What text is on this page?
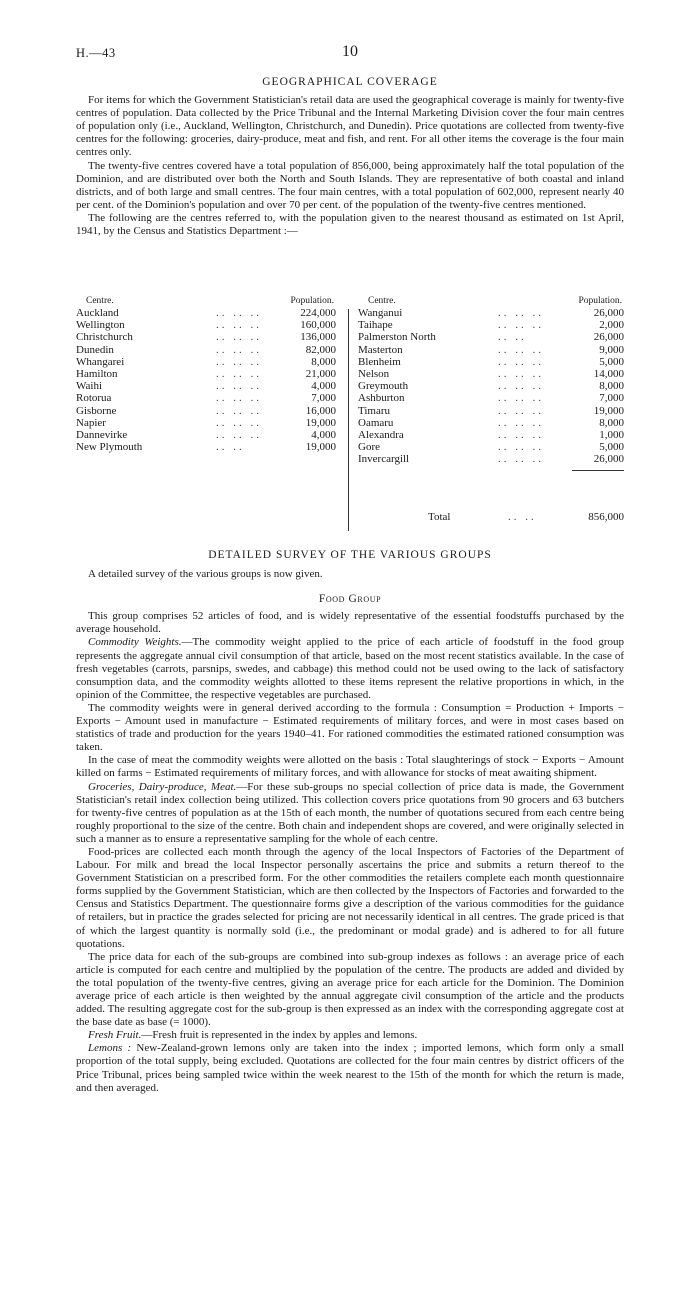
H.—43	10
GEOGRAPHICAL COVERAGE

For items for which the Government Statistician's retail data are used the geographical coverage is mainly for twenty-five centres of population. Data collected by the Price Tribunal and the Internal Marketing Division cover the four main centres of population only (i.e., Auckland, Wellington, Christchurch, and Dunedin). Price quotations are collected from twenty-five centres for the following: groceries, dairy-produce, meat and fish, and rent. For all other items the coverage is the four main centres only.

The twenty-five centres covered have a total population of 856,000, being approximately half the total population of the Dominion, and are distributed over both the North and South Islands. They are representative of both coastal and inland districts, and of both large and small centres. The four main centres, with a total population of 602,000, represent nearly 40 per cent. of the Dominion's population and over 70 per cent. of the population of the twenty-five centres mentioned.

The following are the centres referred to, with the population given to the nearest thousand as estimated on 1st April, 1941, by the Census and Statistics Department :—

Centre.	Population.
Auckland	.. .. ..	224,000
Wellington	.. .. ..	160,000
Christchurch	.. .. ..	136,000
Dunedin	.. .. ..	82,000
Whangarei	.. .. ..	8,000
Hamilton	.. .. ..	21,000
Waihi	.. .. ..	4,000
Rotorua	.. .. ..	7,000
Gisborne	.. .. ..	16,000
Napier	.. .. ..	19,000
Dannevirke	.. .. ..	4,000
New Plymouth	.. ..	19,000
Centre.	Population.
Wanganui	.. .. ..	26,000
Taihape	.. .. ..	2,000
Palmerston North	.. ..	26,000
Masterton	.. .. ..	9,000
Blenheim	.. .. ..	5,000
Nelson	.. .. ..	14,000
Greymouth	.. .. ..	8,000
Ashburton	.. .. ..	7,000
Timaru	.. .. ..	19,000
Oamaru	.. .. ..	8,000
Alexandra	.. .. ..	1,000
Gore	.. .. ..	5,000
Invercargill	.. .. ..	26,000
Total	.. ..	856,000
DETAILED SURVEY OF THE VARIOUS GROUPS

A detailed survey of the various groups is now given.

Food Group

This group comprises 52 articles of food, and is widely representative of the essential foodstuffs purchased by the average household.

Commodity Weights.—The commodity weight applied to the price of each article of foodstuff in the food group represents the aggregate annual civil consumption of that article, based on the most recent statistics available. In the case of fresh vegetables (carrots, parsnips, swedes, and cabbage) this method could not be used owing to the lack of satisfactory consumption data, and the commodity weights allotted to these items represent the relative proportions in which, in the opinion of the Committee, the respective vegetables are purchased.

The commodity weights were in general derived according to the formula : Consumption = Production + Imports − Exports − Amount used in manufacture − Estimated requirements of military forces, and were in most cases based on statistics of trade and production for the years 1940–41. For rationed commodities the estimated rationed consumption was taken.

In the case of meat the commodity weights were allotted on the basis : Total slaughterings of stock − Exports − Amount killed on farms − Estimated requirements of military forces, and with allowance for stocks of meat awaiting shipment.

Groceries, Dairy-produce, Meat.—For these sub-groups no special collection of price data is made, the Government Statistician's retail index collection being utilized. This collection covers price quotations from 90 grocers and 63 butchers for twenty-five centres of population as at the 15th of each month, the number of quotations secured from each centre being roughly proportional to the size of the centre. Both chain and independent shops are covered, and were originally selected in such a manner as to ensure a representative sampling for the whole of each centre.

Food-prices are collected each month through the agency of the local Inspectors of Factories of the Department of Labour. For milk and bread the local Inspector personally ascertains the price and submits a return thereof to the Government Statistician on a prescribed form. For the other commodities the retailers complete each month questionnaire forms supplied by the Government Statistician, which are then collected by the Inspectors of Factories and forwarded to the Census and Statistics Department. The questionnaire forms give a description of the various commodities for the guidance of retailers, but in practice the grades selected for pricing are not necessarily identical in all centres. The grade priced is that of which the largest quantity is normally sold (i.e., the predominant or modal grade) and is adhered to for all future quotations.

The price data for each of the sub-groups are combined into sub-group indexes as follows : an average price of each article is computed for each centre and multiplied by the population of the centre. The products are added and divided by the total population of the twenty-five centres, giving an average price for each article for the Dominion. The Dominion average price of each article is then weighted by the annual aggregate civil consumption of the article and the products added. The resulting aggregate cost for the sub-group is then expressed as an index with the corresponding aggregate cost at the base date as base (= 1000).

Fresh Fruit.—Fresh fruit is represented in the index by apples and lemons.

Lemons : New-Zealand-grown lemons only are taken into the index ; imported lemons, which form only a small proportion of the total supply, being excluded. Quotations are collected for the four main centres by district officers of the Price Tribunal, prices being sampled twice within the week nearest to the 15th of the month for which the return is made, and then averaged.
